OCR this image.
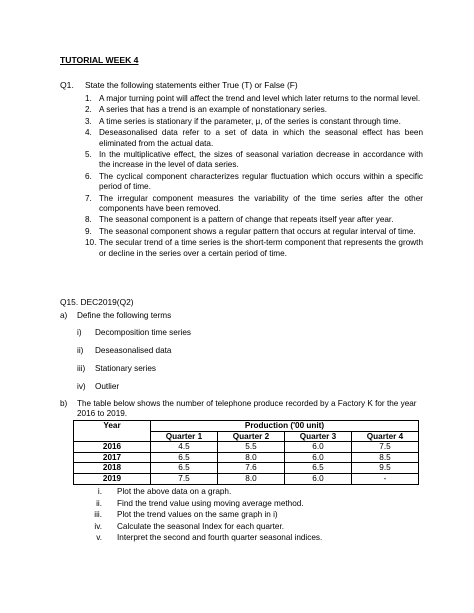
TUTORIAL WEEK 4
Q1. State the following statements either True (T) or False (F)
1. A major turning point will affect the trend and level which later returns to the normal level.
2. A series that has a trend is an example of nonstationary series.
3. A time series is stationary if the parameter, μ, of the series is constant through time.
4. Deseasonalised data refer to a set of data in which the seasonal effect has been eliminated from the actual data.
5. In the multiplicative effect, the sizes of seasonal variation decrease in accordance with the increase in the level of data series.
6. The cyclical component characterizes regular fluctuation which occurs within a specific period of time.
7. The irregular component measures the variability of the time series after the other components have been removed.
8. The seasonal component is a pattern of change that repeats itself year after year.
9. The seasonal component shows a regular pattern that occurs at regular interval of time.
10. The secular trend of a time series is the short-term component that represents the growth or decline in the series over a certain period of time.
Q15. DEC2019(Q2)
a) Define the following terms
i) Decomposition time series
ii) Deseasonalised data
iii) Stationary series
iv) Outlier
b) The table below shows the number of telephone produce recorded by a Factory K for the year 2016 to 2019.
Year	Production ('00 unit)			
	Quarter 1	Quarter 2	Quarter 3	Quarter 4
2016	4.5	5.5	6.0	7.5
2017	6.5	8.0	6.0	8.5
2018	6.5	7.6	6.5	9.5
2019	7.5	8.0	6.0	-
i. Plot the above data on a graph.
ii. Find the trend value using moving average method.
iii. Plot the trend values on the same graph in i)
iv. Calculate the seasonal Index for each quarter.
v. Interpret the second and fourth quarter seasonal indices.
